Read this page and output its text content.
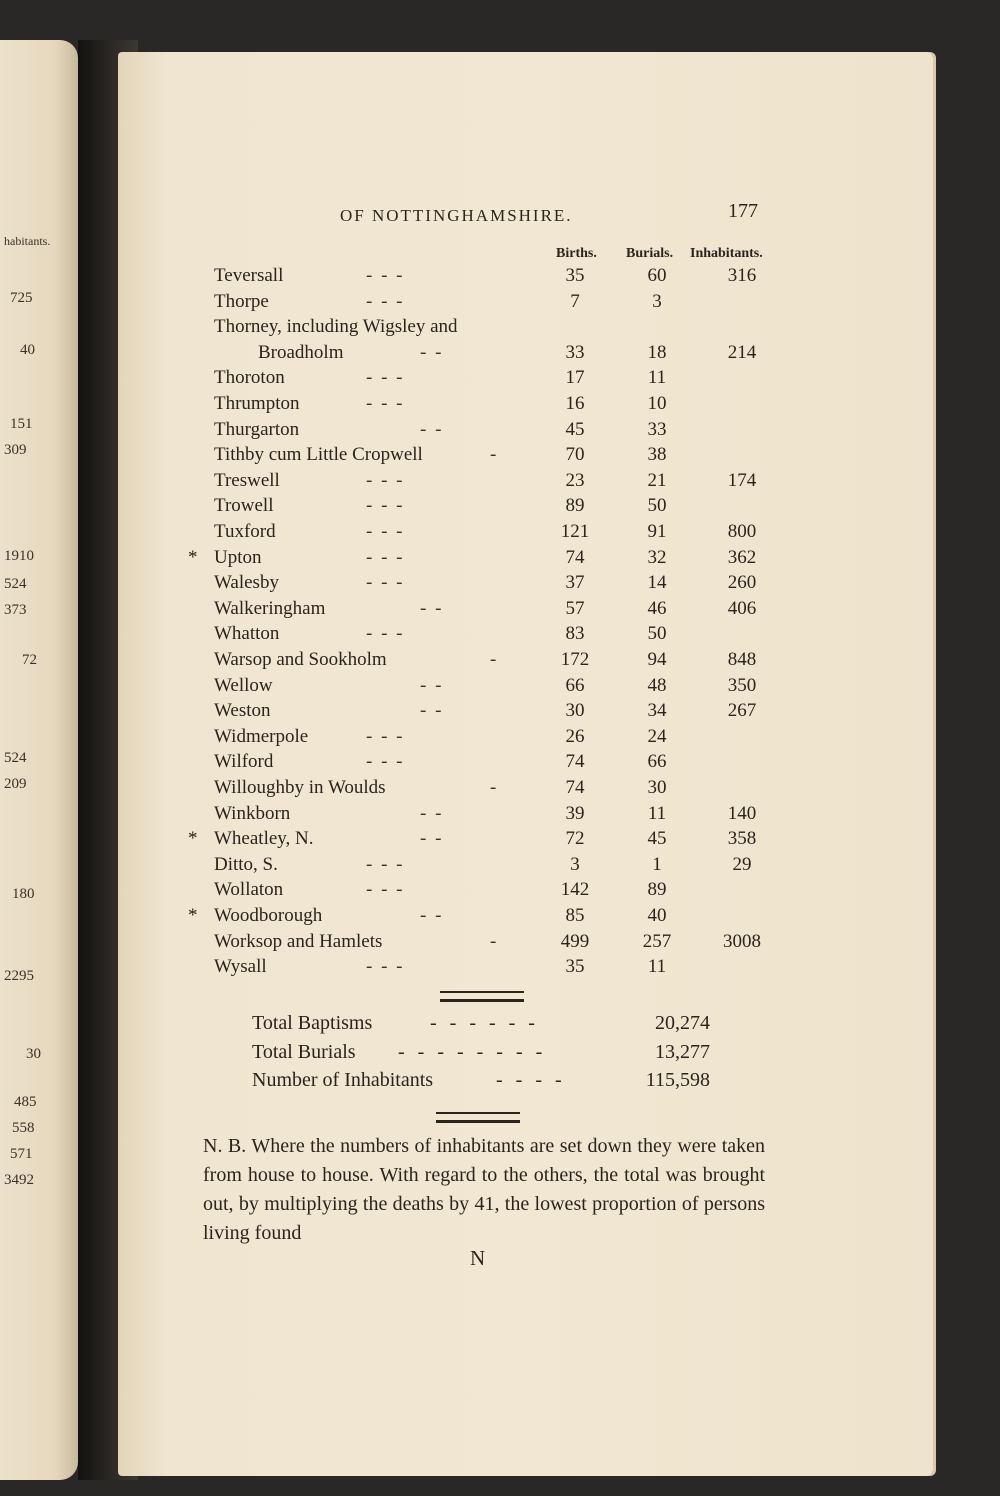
habitants.
725
40
151
309
1910
524
373
72
524
209
180
2295
30
485
558
571
3492
OF NOTTINGHAMSHIRE.	177
Births. Burials. Inhabitants.
Teversall	- - -	35	60	316
Thorpe	- - -	7	3
Thorney, including Wigsley and
Broadholm	- -	33	18	214
Thoroton	- - -	17	11
Thrumpton	- - -	16	10
Thurgarton	- -	45	33
Tithby cum Little Cropwell	-	70	38
Treswell	- - -	23	21	174
Trowell	- - -	89	50
Tuxford	- - -	121	91	800
* Upton	- - -	74	32	362
Walesby	- - -	37	14	260
Walkeringham	- -	57	46	406
Whatton	- - -	83	50
Warsop and Sookholm	-	172	94	848
Wellow	- -	66	48	350
Weston	- -	30	34	267
Widmerpole	- - -	26	24
Wilford	- - -	74	66
Willoughby in Woulds	-	74	30
Winkborn	- -	39	11	140
* Wheatley, N.	- -	72	45	358
Ditto, S.	- - -	3	1	29
Wollaton	- - -	142	89
* Woodborough	- -	85	40
Worksop and Hamlets	-	499	257	3008
Wysall	- - -	35	11
Total Baptisms	- - - - - -	20,274
Total Burials - - - - - - - -	13,277
Number of Inhabitants	- - - -	115,598
N. B. Where the numbers of inhabitants are set down they were taken from house to house. With regard to the others, the total was brought out, by multiplying the deaths by 41, the lowest proportion of persons living found
N
